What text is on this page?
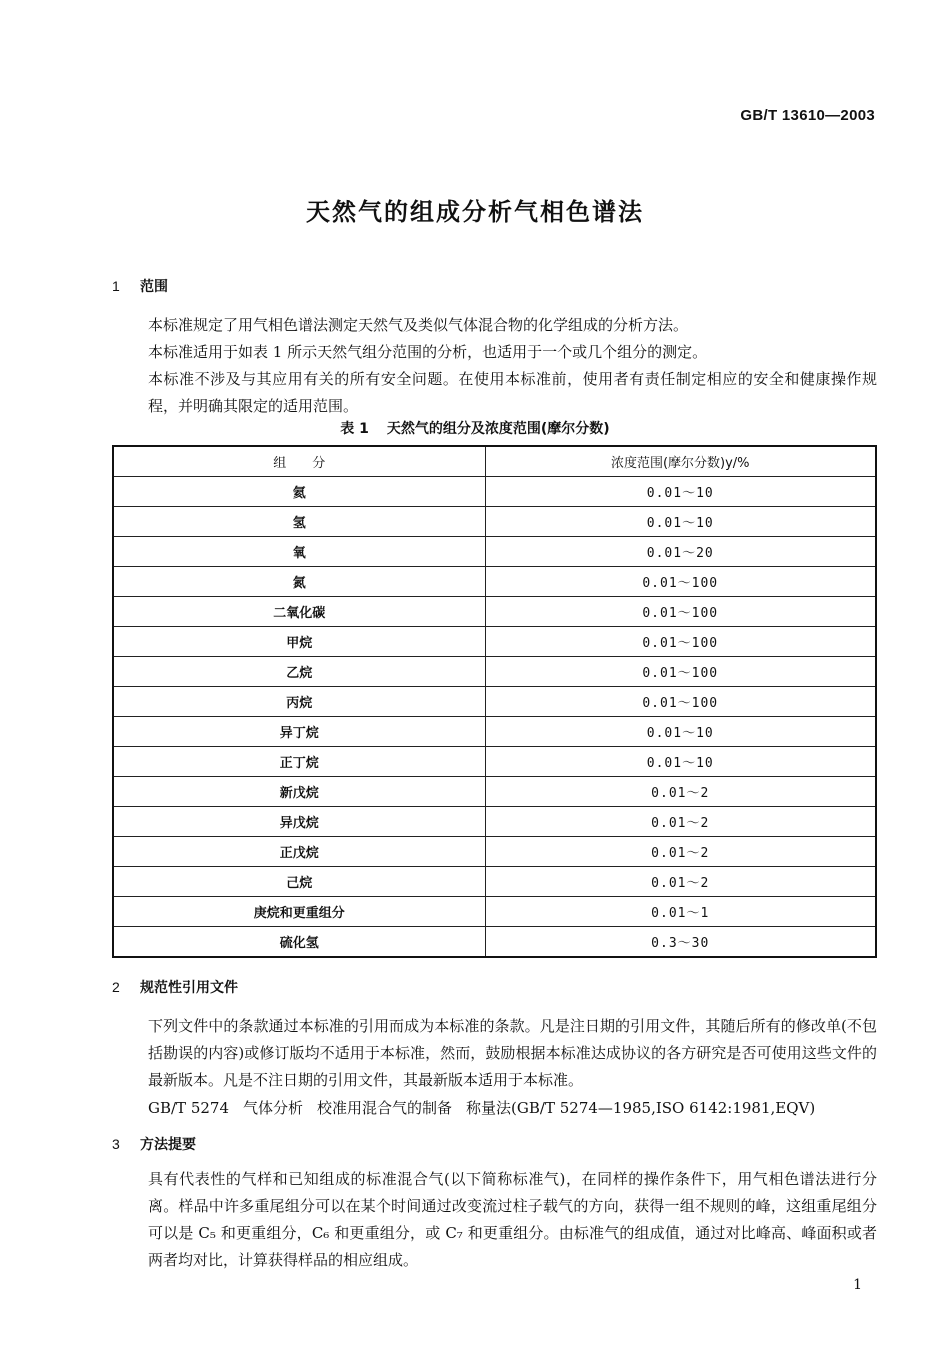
GB/T 13610—2003
天然气的组成分析气相色谱法
1 范围

本标准规定了用气相色谱法测定天然气及类似气体混合物的化学组成的分析方法。

本标准适用于如表 1 所示天然气组分范围的分析，也适用于一个或几个组分的测定。

本标准不涉及与其应用有关的所有安全问题。在使用本标准前，使用者有责任制定相应的安全和健康操作规程，并明确其限定的适用范围。

表 1 天然气的组分及浓度范围(摩尔分数)
组　　分	浓度范围(摩尔分数)y/%
氦	0.01～10
氢	0.01～10
氧	0.01～20
氮	0.01～100
二氧化碳	0.01～100
甲烷	0.01～100
乙烷	0.01～100
丙烷	0.01～100
异丁烷	0.01～10
正丁烷	0.01～10
新戊烷	0.01～2
异戊烷	0.01～2
正戊烷	0.01～2
己烷	0.01～2
庚烷和更重组分	0.01～1
硫化氢	0.3～30
2 规范性引用文件

下列文件中的条款通过本标准的引用而成为本标准的条款。凡是注日期的引用文件，其随后所有的修改单(不包括勘误的内容)或修订版均不适用于本标准，然而，鼓励根据本标准达成协议的各方研究是否可使用这些文件的最新版本。凡是不注日期的引用文件，其最新版本适用于本标准。

GB/T 5274 气体分析 校准用混合气的制备 称量法(GB/T 5274—1985,ISO 6142:1981,EQV)
3 方法提要

具有代表性的气样和已知组成的标准混合气(以下简称标准气)，在同样的操作条件下，用气相色谱法进行分离。样品中许多重尾组分可以在某个时间通过改变流过柱子载气的方向，获得一组不规则的峰，这组重尾组分可以是 C₅ 和更重组分，C₆ 和更重组分，或 C₇ 和更重组分。由标准气的组成值，通过对比峰高、峰面积或者两者均对比，计算获得样品的相应组成。

1
